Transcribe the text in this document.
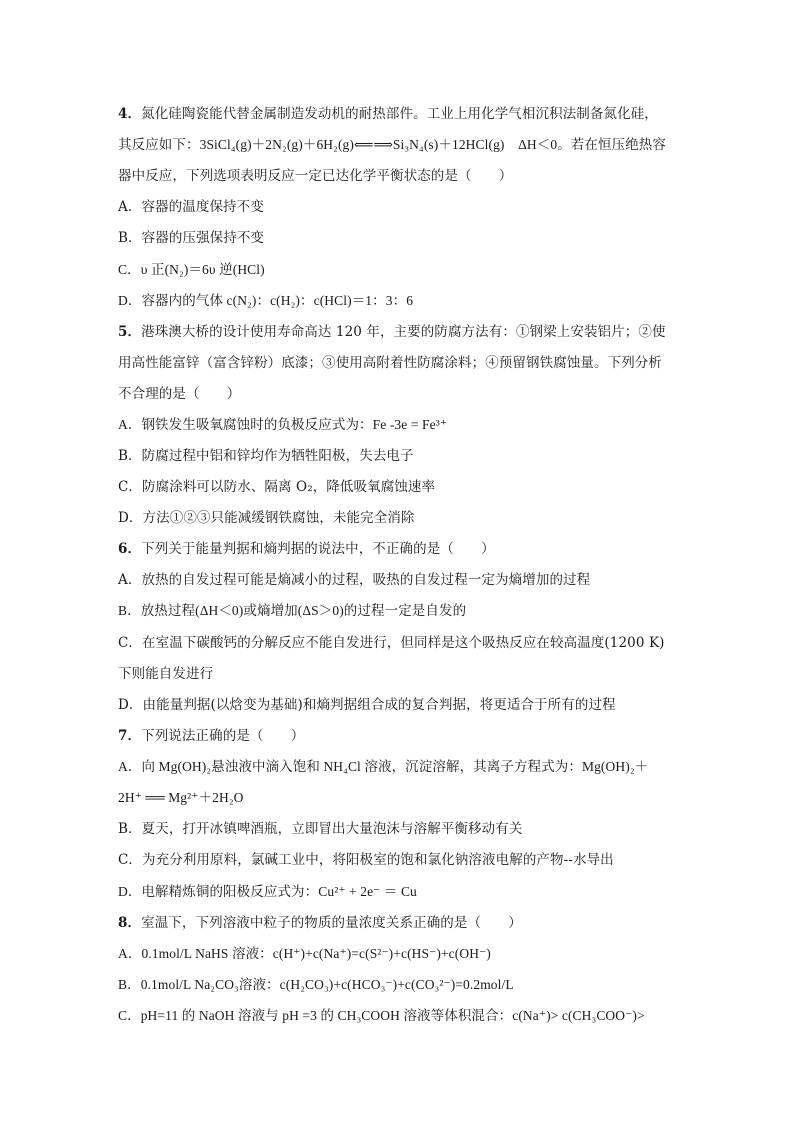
4．氮化硅陶瓷能代替金属制造发动机的耐热部件。工业上用化学气相沉积法制备氮化硅，
其反应如下：3SiCl₄(g)＋2N₂(g)＋6H₂(g)⟸⟹Si₃N₄(s)＋12HCl(g)　ΔH＜0。若在恒压绝热容
器中反应，下列选项表明反应一定已达化学平衡状态的是（　　）
A．容器的温度保持不变
B．容器的压强保持不变
C．υ 正(N₂)＝6υ 逆(HCl)
D．容器内的气体 c(N₂)：c(H₂)：c(HCl)＝1：3：6
5．港珠澳大桥的设计使用寿命高达 120 年，主要的防腐方法有：①钢梁上安装铝片；②使
用高性能富锌（富含锌粉）底漆；③使用高附着性防腐涂料；④预留钢铁腐蚀量。下列分析
不合理的是（　　）
A．钢铁发生吸氧腐蚀时的负极反应式为：Fe -3e = Fe³⁺
B．防腐过程中铝和锌均作为牺牲阳极，失去电子
C．防腐涂料可以防水、隔离 O₂，降低吸氧腐蚀速率
D．方法①②③只能减缓钢铁腐蚀，未能完全消除
6．下列关于能量判据和熵判据的说法中，不正确的是（　　）
A．放热的自发过程可能是熵减小的过程，吸热的自发过程一定为熵增加的过程
B．放热过程(ΔH＜0)或熵增加(ΔS＞0)的过程一定是自发的
C．在室温下碳酸钙的分解反应不能自发进行，但同样是这个吸热反应在较高温度(1200 K)
下则能自发进行
D．由能量判据(以焓变为基础)和熵判据组合成的复合判据，将更适合于所有的过程
7．下列说法正确的是（　　）
A．向 Mg(OH)₂悬浊液中滴入饱和 NH₄Cl 溶液，沉淀溶解，其离子方程式为：Mg(OH)₂＋
2H⁺ ══ Mg²⁺＋2H₂O
B．夏天，打开冰镇啤酒瓶，立即冒出大量泡沫与溶解平衡移动有关
C．为充分利用原料，氯碱工业中，将阳极室的饱和氯化钠溶液电解的产物--水导出
D．电解精炼铜的阳极反应式为：Cu²⁺ + 2e⁻ ＝ Cu
8．室温下，下列溶液中粒子的物质的量浓度关系正确的是（　　）
A．0.1mol/L NaHS 溶液：c(H⁺)+c(Na⁺)=c(S²⁻)+c(HS⁻)+c(OH⁻)
B．0.1mol/L Na₂CO₃溶液：c(H₂CO₃)+c(HCO₃⁻)+c(CO₃²⁻)=0.2mol/L
C．pH=11 的 NaOH 溶液与 pH =3 的 CH₃COOH 溶液等体积混合：c(Na⁺)> c(CH₃COO⁻)>
